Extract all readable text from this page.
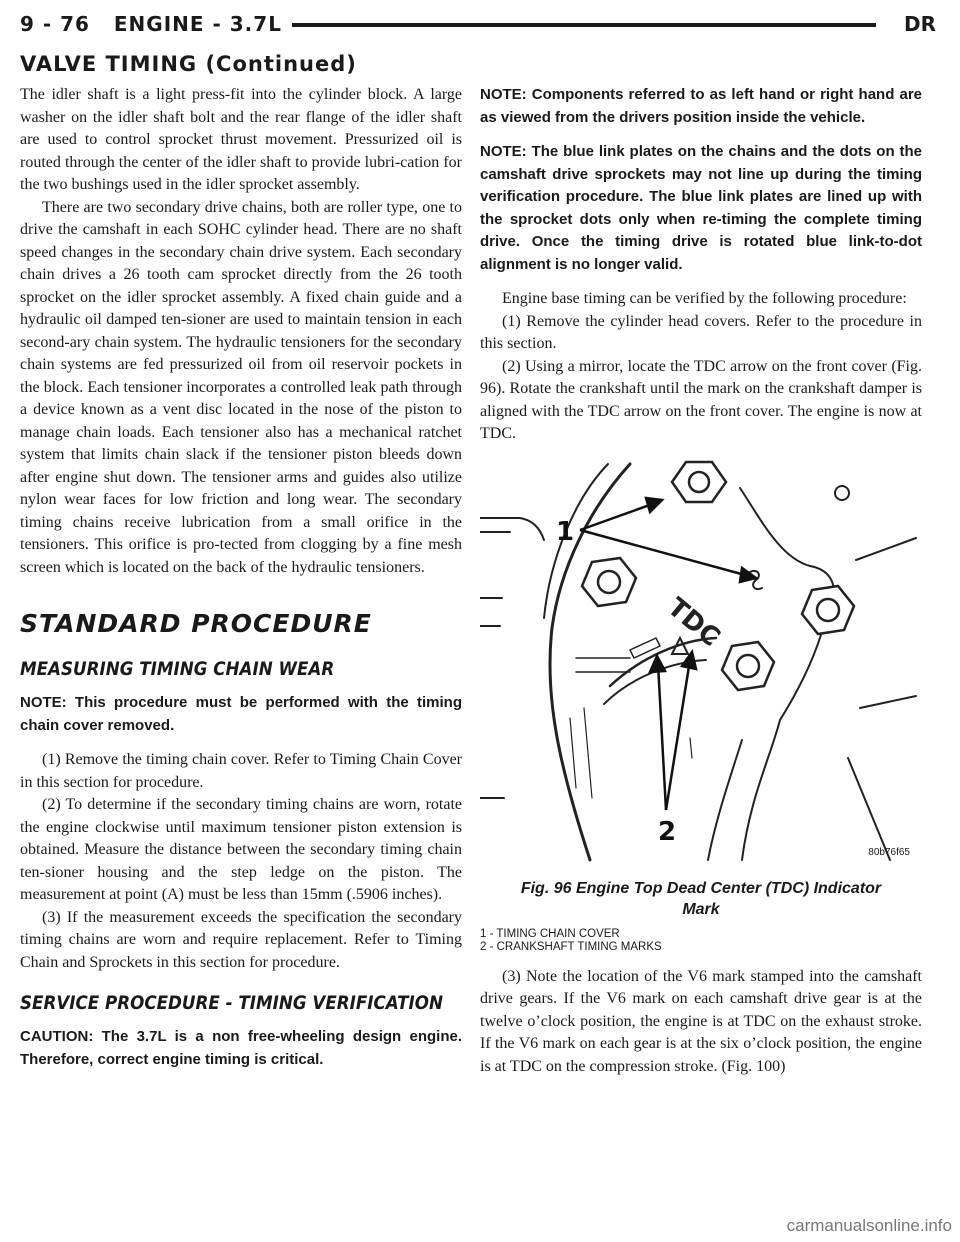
9 - 76 ENGINE - 3.7L	DR
VALVE TIMING (Continued)

The idler shaft is a light press-fit into the cylinder block. A large washer on the idler shaft bolt and the rear flange of the idler shaft are used to control sprocket thrust movement. Pressurized oil is routed through the center of the idler shaft to provide lubri-cation for the two bushings used in the idler sprocket assembly.

There are two secondary drive chains, both are roller type, one to drive the camshaft in each SOHC cylinder head. There are no shaft speed changes in the secondary chain drive system. Each secondary chain drives a 26 tooth cam sprocket directly from the 26 tooth sprocket on the idler sprocket assembly. A fixed chain guide and a hydraulic oil damped ten-sioner are used to maintain tension in each second-ary chain system. The hydraulic tensioners for the secondary chain systems are fed pressurized oil from oil reservoir pockets in the block. Each tensioner incorporates a controlled leak path through a device known as a vent disc located in the nose of the piston to manage chain loads. Each tensioner also has a mechanical ratchet system that limits chain slack if the tensioner piston bleeds down after engine shut down. The tensioner arms and guides also utilize nylon wear faces for low friction and long wear. The secondary timing chains receive lubrication from a small orifice in the tensioners. This orifice is pro-tected from clogging by a fine mesh screen which is located on the back of the hydraulic tensioners.

STANDARD PROCEDURE

MEASURING TIMING CHAIN WEAR

NOTE: This procedure must be performed with the timing chain cover removed.

(1) Remove the timing chain cover. Refer to Timing Chain Cover in this section for procedure.

(2) To determine if the secondary timing chains are worn, rotate the engine clockwise until maximum tensioner piston extension is obtained. Measure the distance between the secondary timing chain ten-sioner housing and the step ledge on the piston. The measurement at point (A) must be less than 15mm (.5906 inches).

(3) If the measurement exceeds the specification the secondary timing chains are worn and require replacement. Refer to Timing Chain and Sprockets in this section for procedure.

SERVICE PROCEDURE - TIMING VERIFICATION

CAUTION: The 3.7L is a non free-wheeling design engine. Therefore, correct engine timing is critical.

NOTE: Components referred to as left hand or right hand are as viewed from the drivers position inside the vehicle.

NOTE: The blue link plates on the chains and the dots on the camshaft drive sprockets may not line up during the timing verification procedure. The blue link plates are lined up with the sprocket dots only when re-timing the complete timing drive. Once the timing drive is rotated blue link-to-dot alignment is no longer valid.

Engine base timing can be verified by the following procedure:

(1) Remove the cylinder head covers. Refer to the procedure in this section.

(2) Using a mirror, locate the TDC arrow on the front cover (Fig. 96). Rotate the crankshaft until the mark on the crankshaft damper is aligned with the TDC arrow on the front cover. The engine is now at TDC.

TDC
1
2
80b76f65

Fig. 96 Engine Top Dead Center (TDC) Indicator Mark

1 - TIMING CHAIN COVER

2 - CRANKSHAFT TIMING MARKS

(3) Note the location of the V6 mark stamped into the camshaft drive gears. If the V6 mark on each camshaft drive gear is at the twelve o’clock position, the engine is at TDC on the exhaust stroke. If the V6 mark on each gear is at the six o’clock position, the engine is at TDC on the compression stroke. (Fig. 100)

carmanualsonline.info
